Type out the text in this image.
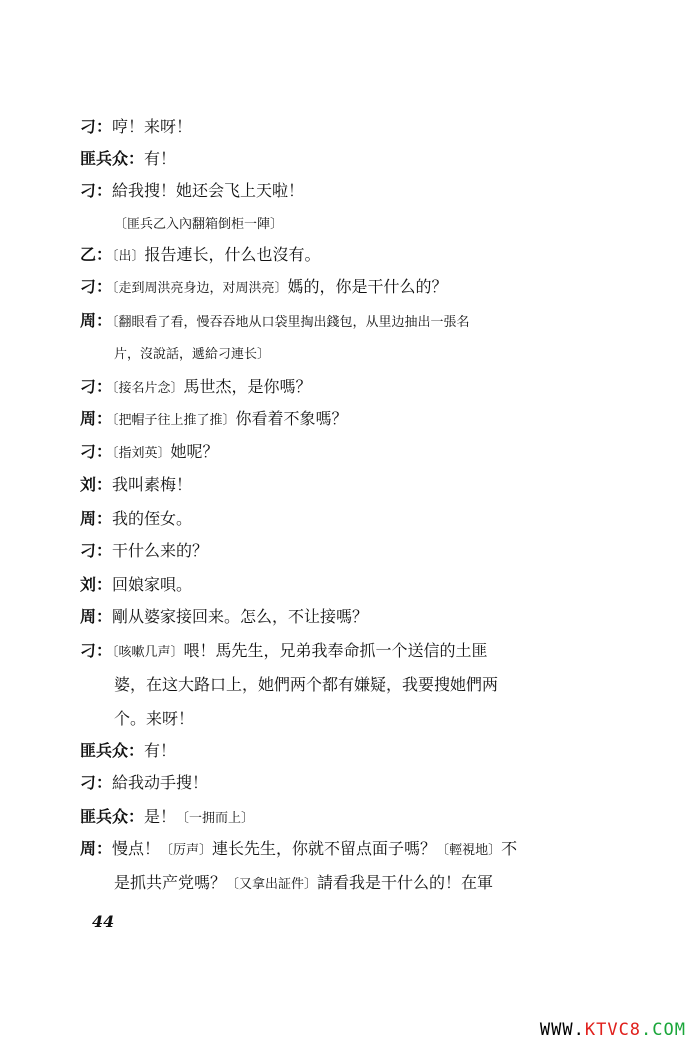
刁：哼！来呀！
匪兵众：有！
刁：給我搜！她还会飞上天啦！
〔匪兵乙入內翻箱倒柜一陣〕
乙：〔出〕报告連长，什么也沒有。
刁：〔走到周洪亮身边，对周洪亮〕媽的，你是干什么的？
周：〔翻眼看了看，慢吞吞地从口袋里掏出錢包，从里边抽出一張名
片，沒說話，遞給刁連长〕
刁：〔接名片念〕馬世杰，是你嗎？
周：〔把帽子往上推了推〕你看着不象嗎？
刁：〔指刘英〕她呢？
刘：我叫素梅！
周：我的侄女。
刁：干什么来的？
刘：回娘家唄。
周：剛从婆家接回来。怎么，不让接嗎？
刁：〔咳嗽几声〕喂！馬先生，兄弟我奉命抓一个送信的土匪
婆，在这大路口上，她們两个都有嫌疑，我要搜她們两
个。来呀！
匪兵众：有！
刁：給我动手搜！
匪兵众：是！〔一拥而上〕
周：慢点！〔厉声〕連长先生，你就不留点面子嗎？〔輕視地〕不
是抓共产党嗎？〔又拿出証件〕請看我是干什么的！在軍
44
WWW.KTVC8.COM
